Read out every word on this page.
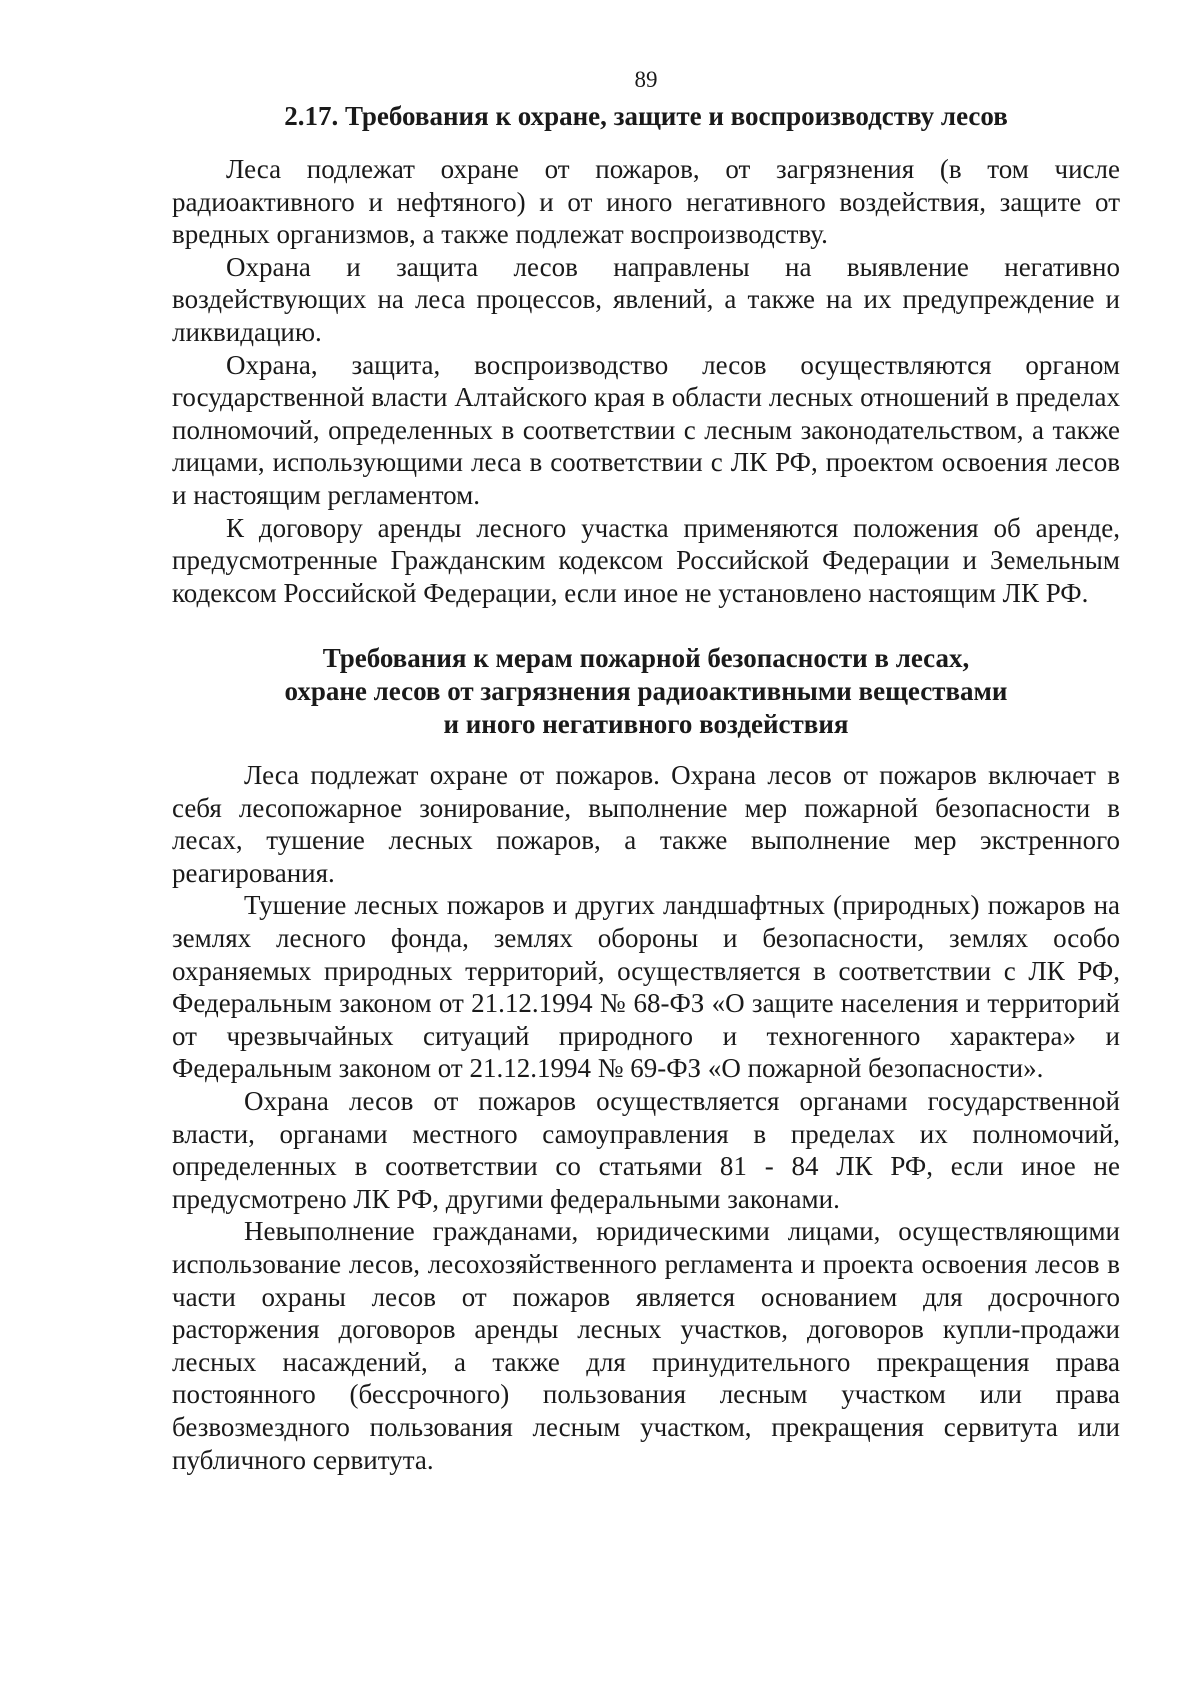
89
2.17. Требования к охране, защите и воспроизводству лесов

Леса подлежат охране от пожаров, от загрязнения (в том числе радиоактивного и нефтяного) и от иного негативного воздействия, защите от вредных организмов, а также подлежат воспроизводству.

Охрана и защита лесов направлены на выявление негативно воздействующих на леса процессов, явлений, а также на их предупреждение и ликвидацию.

Охрана, защита, воспроизводство лесов осуществляются органом государственной власти Алтайского края в области лесных отношений в пределах полномочий, определенных в соответствии с лесным законодательством, а также лицами, использующими леса в соответствии с ЛК РФ, проектом освоения лесов и настоящим регламентом.

К договору аренды лесного участка применяются положения об аренде, предусмотренные Гражданским кодексом Российской Федерации и Земельным кодексом Российской Федерации, если иное не установлено настоящим ЛК РФ.

Требования к мерам пожарной безопасности в лесах,
охране лесов от загрязнения радиоактивными веществами
и иного негативного воздействия

Леса подлежат охране от пожаров. Охрана лесов от пожаров включает в себя лесопожарное зонирование, выполнение мер пожарной безопасности в лесах, тушение лесных пожаров, а также выполнение мер экстренного реагирования.

Тушение лесных пожаров и других ландшафтных (природных) пожаров на землях лесного фонда, землях обороны и безопасности, землях особо охраняемых природных территорий, осуществляется в соответствии с ЛК РФ, Федеральным законом от 21.12.1994 № 68-ФЗ «О защите населения и территорий от чрезвычайных ситуаций природного и техногенного характера» и Федеральным законом от 21.12.1994 № 69-ФЗ «О пожарной безопасности».

Охрана лесов от пожаров осуществляется органами государственной власти, органами местного самоуправления в пределах их полномочий, определенных в соответствии со статьями 81 - 84 ЛК РФ, если иное не предусмотрено ЛК РФ, другими федеральными законами.

Невыполнение гражданами, юридическими лицами, осуществляющими использование лесов, лесохозяйственного регламента и проекта освоения лесов в части охраны лесов от пожаров является основанием для досрочного расторжения договоров аренды лесных участков, договоров купли-продажи лесных насаждений, а также для принудительного прекращения права постоянного (бессрочного) пользования лесным участком или права безвозмездного пользования лесным участком, прекращения сервитута или публичного сервитута.
